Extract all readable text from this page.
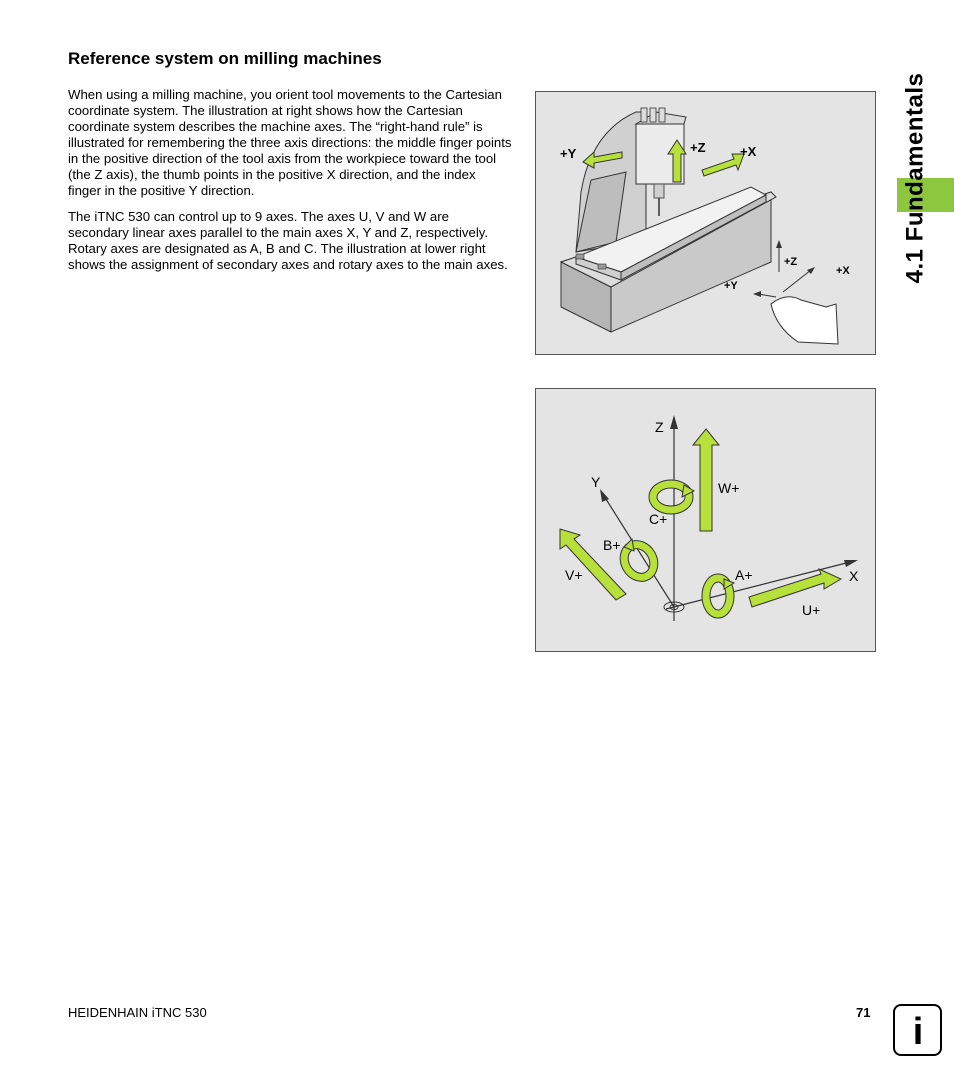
Reference system on milling machines

When using a milling machine, you orient tool movements to the Cartesian coordinate system. The illustration at right shows how the Cartesian coordinate system describes the machine axes. The “right-hand rule” is illustrated for remembering the three axis directions: the middle finger points in the positive direction of the tool axis from the workpiece toward the tool (the Z axis), the thumb points in the positive X direction, and the index finger in the positive Y direction.

The iTNC 530 can control up to 9 axes. The axes U, V and W are secondary linear axes parallel to the main axes X, Y and Z, respectively. Rotary axes are designated as A, B and C. The illustration at lower right shows the assignment of secondary axes and rotary axes to the main axes.

+Y	+Z	+X
+Z
+X
+Y
Z
Y
X
W+
C+
B+
V+	A+
U+
4.1 Fundamentals
HEIDENHAIN iTNC 530	71 i
